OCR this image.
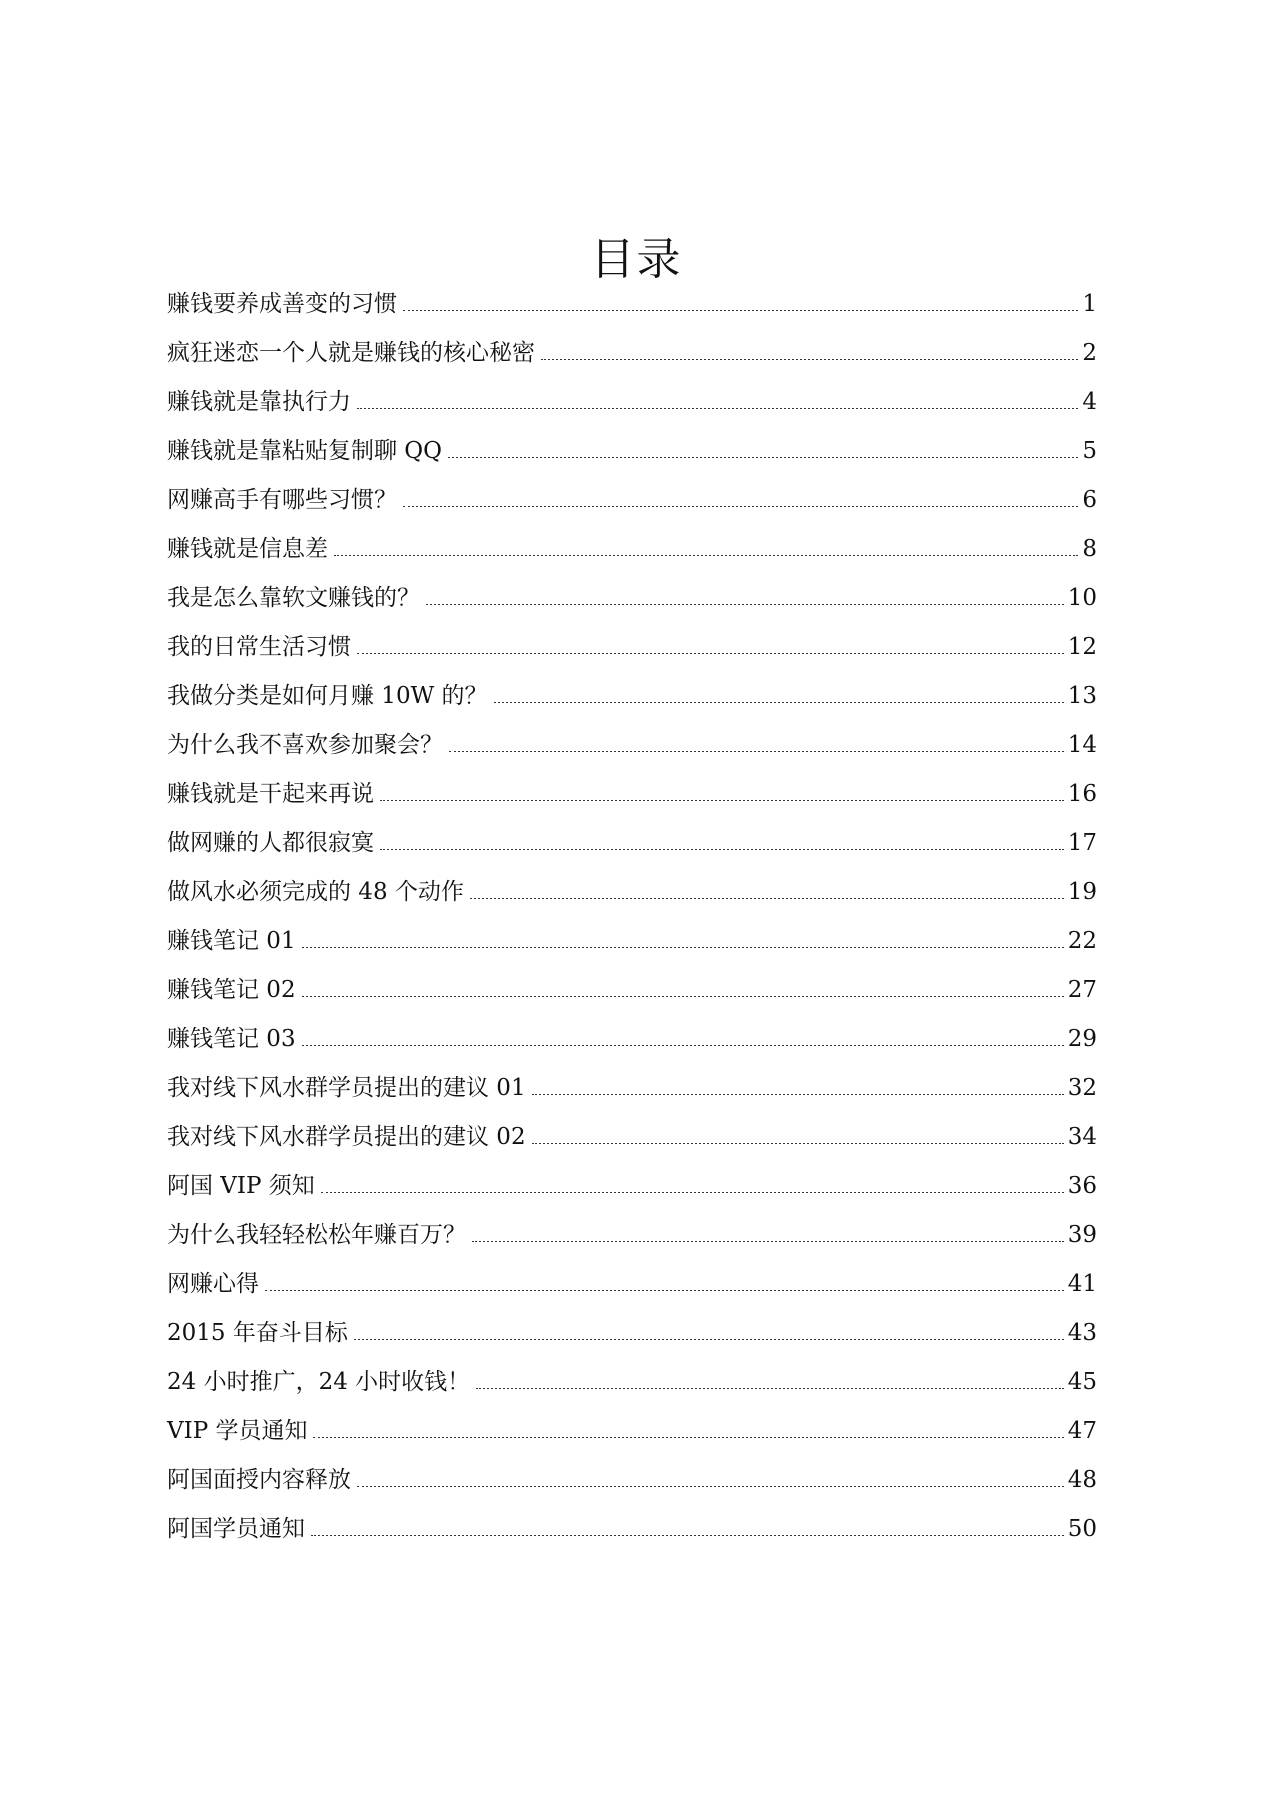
目录
赚钱要养成善变的习惯	1
疯狂迷恋一个人就是赚钱的核心秘密	2
赚钱就是靠执行力	4
赚钱就是靠粘贴复制聊 QQ	5
网赚高手有哪些习惯？	6
赚钱就是信息差	8
我是怎么靠软文赚钱的？	10
我的日常生活习惯	12
我做分类是如何月赚 10W 的？	13
为什么我不喜欢参加聚会？	14
赚钱就是干起来再说	16
做网赚的人都很寂寞	17
做风水必须完成的 48 个动作	19
赚钱笔记 01	22
赚钱笔记 02	27
赚钱笔记 03	29
我对线下风水群学员提出的建议 01	32
我对线下风水群学员提出的建议 02	34
阿国 VIP 须知	36
为什么我轻轻松松年赚百万？	39
网赚心得	41
2015 年奋斗目标	43
24 小时推广，24 小时收钱！	45
VIP 学员通知	47
阿国面授内容释放	48
阿国学员通知	50
